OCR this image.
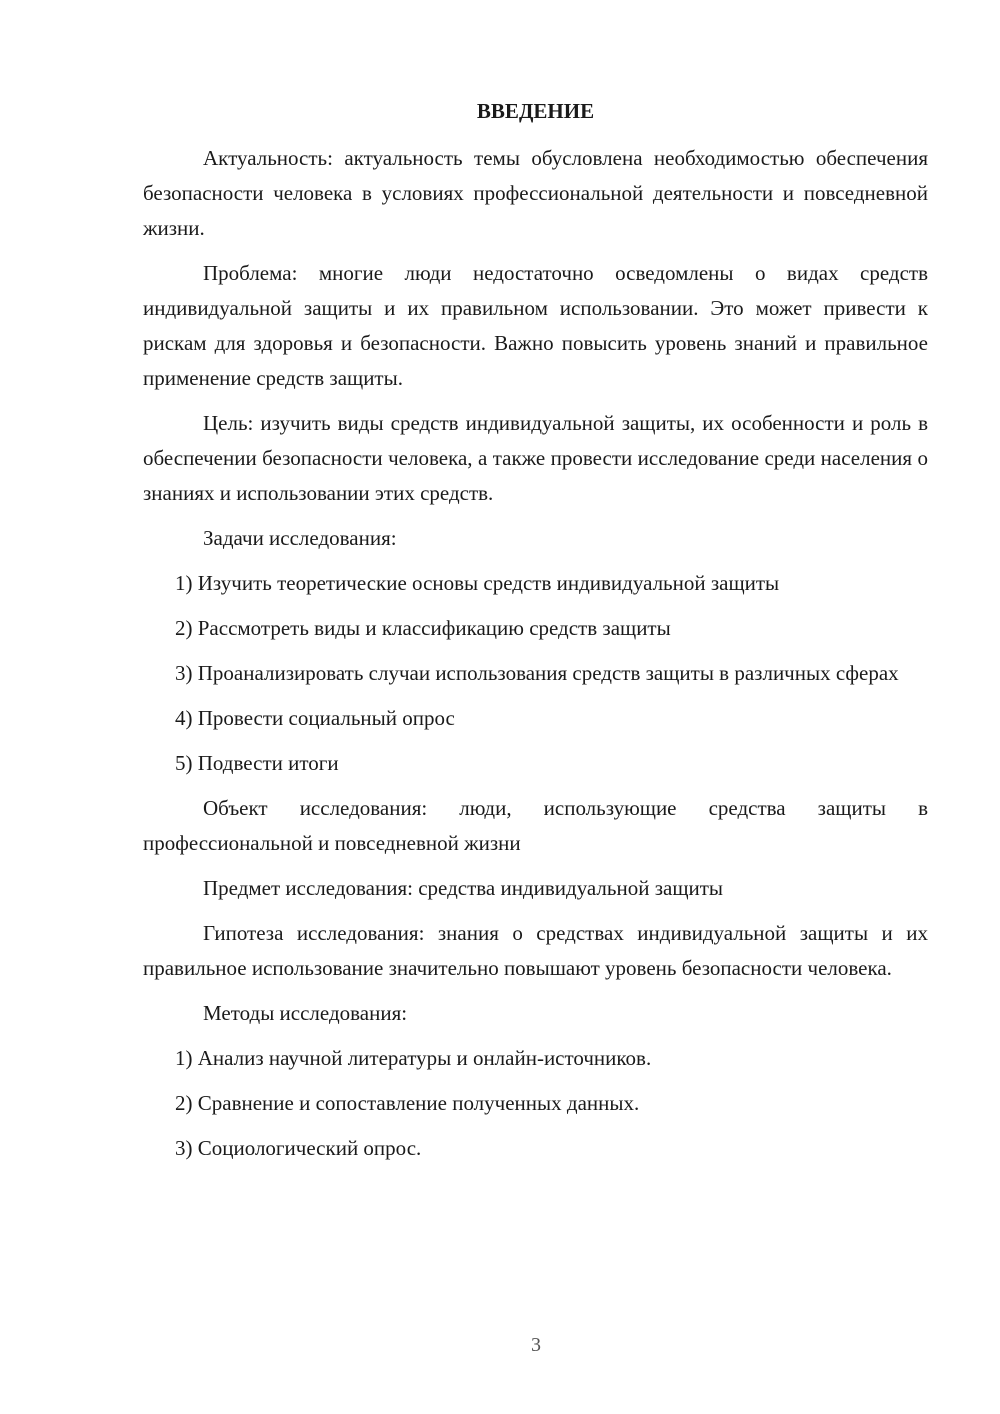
ВВЕДЕНИЕ

Актуальность: актуальность темы обусловлена необходимостью обеспечения безопасности человека в условиях профессиональной деятельности и повседневной жизни.

Проблема: многие люди недостаточно осведомлены о видах средств индивидуальной защиты и их правильном использовании. Это может привести к рискам для здоровья и безопасности. Важно повысить уровень знаний и правильное применение средств защиты.

Цель: изучить виды средств индивидуальной защиты, их особенности и роль в обеспечении безопасности человека, а также провести исследование среди населения о знаниях и использовании этих средств.

Задачи исследования:

1) Изучить теоретические основы средств индивидуальной защиты

2) Рассмотреть виды и классификацию средств защиты

3) Проанализировать случаи использования средств защиты в различных сферах

4) Провести социальный опрос

5) Подвести итоги

Объект исследования: люди, использующие средства защиты в профессиональной и повседневной жизни

Предмет исследования: средства индивидуальной защиты

Гипотеза исследования: знания о средствах индивидуальной защиты и их правильное использование значительно повышают уровень безопасности человека.

Методы исследования:

1) Анализ научной литературы и онлайн-источников.

2) Сравнение и сопоставление полученных данных.

3) Социологический опрос.

3
